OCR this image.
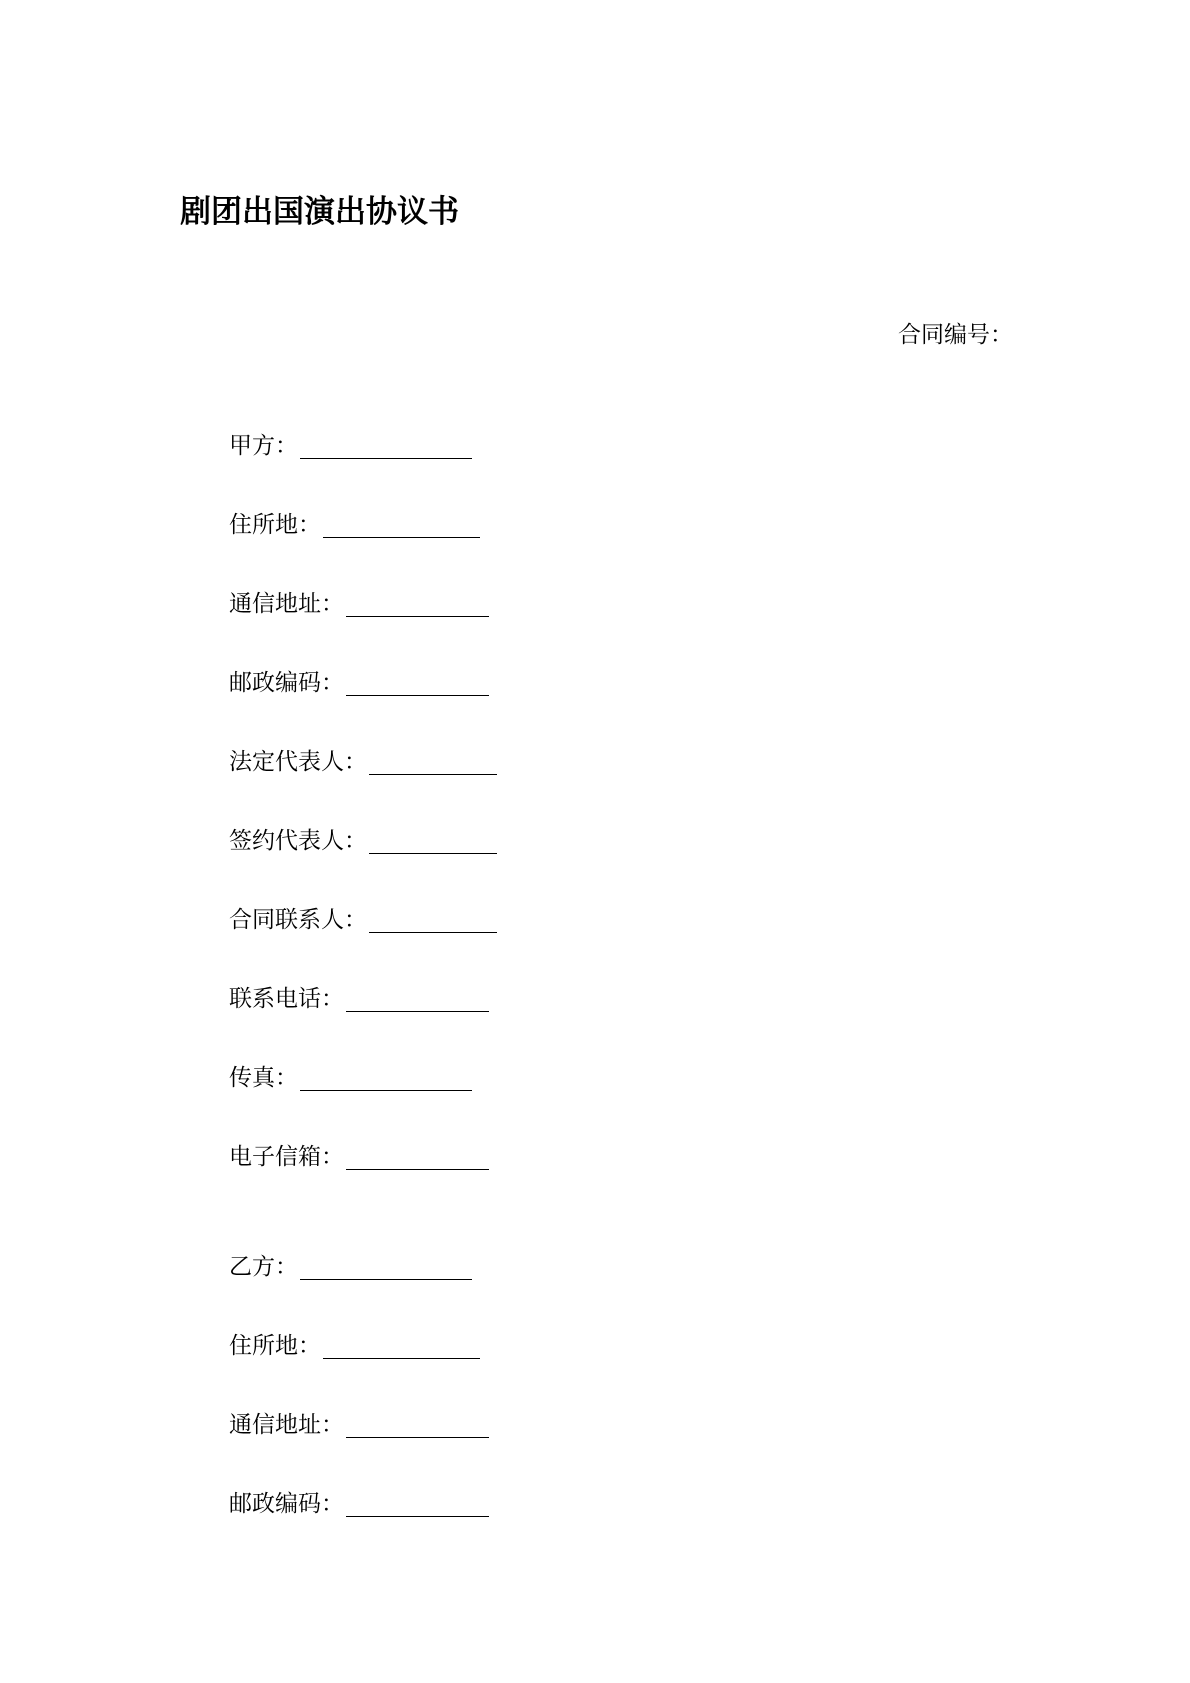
剧团出国演出协议书
合同编号：
甲方：
住所地：
通信地址：
邮政编码：
法定代表人：
签约代表人：
合同联系人：
联系电话：
传真：
电子信箱：
乙方：
住所地：
通信地址：
邮政编码：
